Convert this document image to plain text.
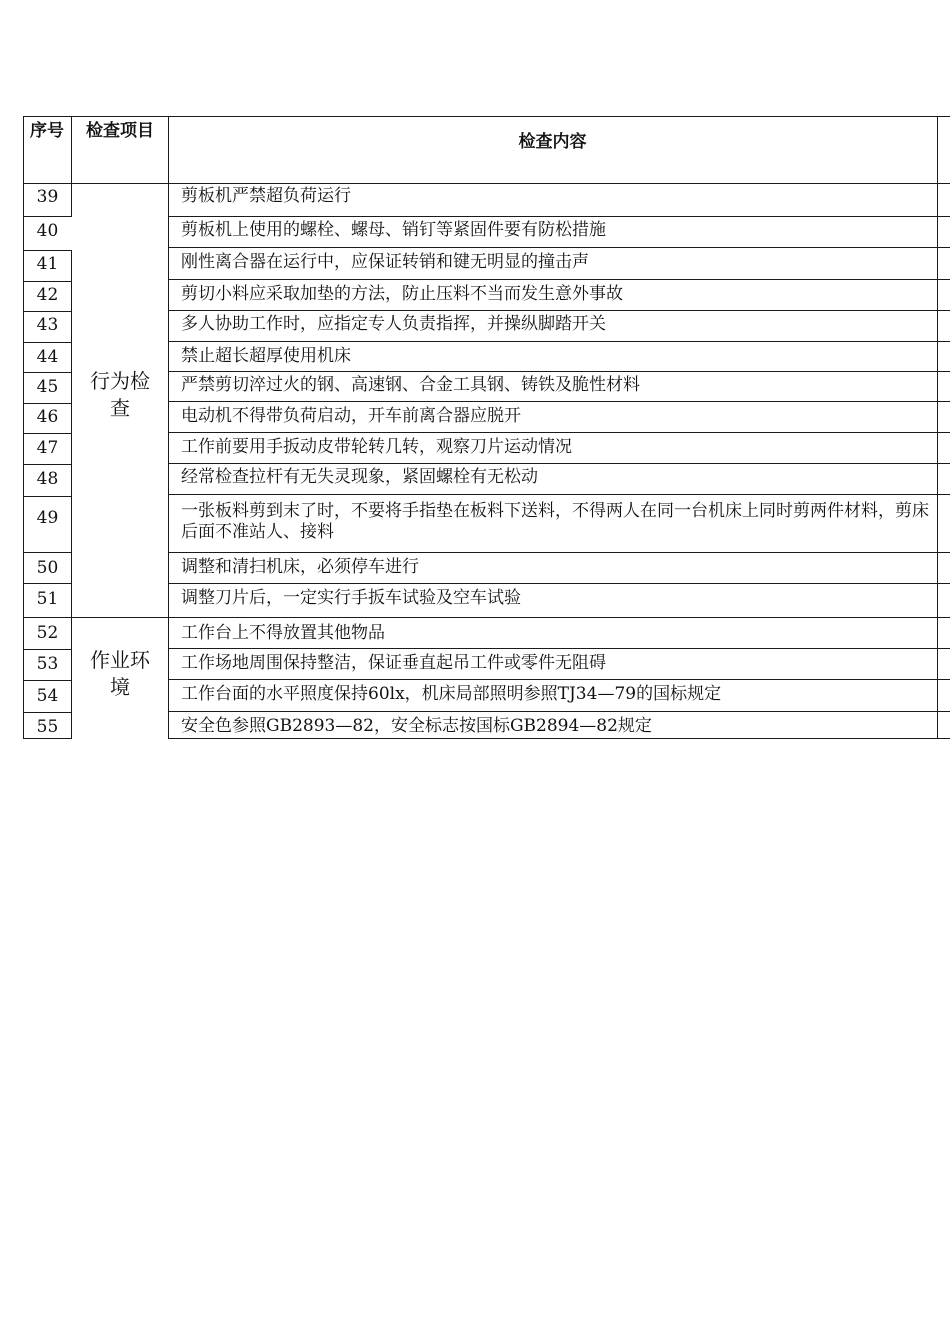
序号 检查项目
检查内容
行为检查
作业环境
39
40
41
42
43
44
45
46
47
48
49
50
51
52
53
54
55
剪板机严禁超负荷运行
剪板机上使用的螺栓、螺母、销钉等紧固件要有防松措施
刚性离合器在运行中，应保证转销和键无明显的撞击声
剪切小料应采取加垫的方法，防止压料不当而发生意外事故
多人协助工作时，应指定专人负责指挥，并操纵脚踏开关
禁止超长超厚使用机床
严禁剪切淬过火的钢、高速钢、合金工具钢、铸铁及脆性材料
电动机不得带负荷启动，开车前离合器应脱开
工作前要用手扳动皮带轮转几转，观察刀片运动情况
经常检查拉杆有无失灵现象，紧固螺栓有无松动
一张板料剪到末了时，不要将手指垫在板料下送料，不得两人在同一台机床上同时剪两件材料，剪床后面不准站人、接料
调整和清扫机床，必须停车进行
调整刀片后，一定实行手扳车试验及空车试验
工作台上不得放置其他物品
工作场地周围保持整洁，保证垂直起吊工件或零件无阻碍
工作台面的水平照度保持60lx，机床局部照明参照TJ34—79的国标规定
安全色参照GB2893—82，安全标志按国标GB2894—82规定
